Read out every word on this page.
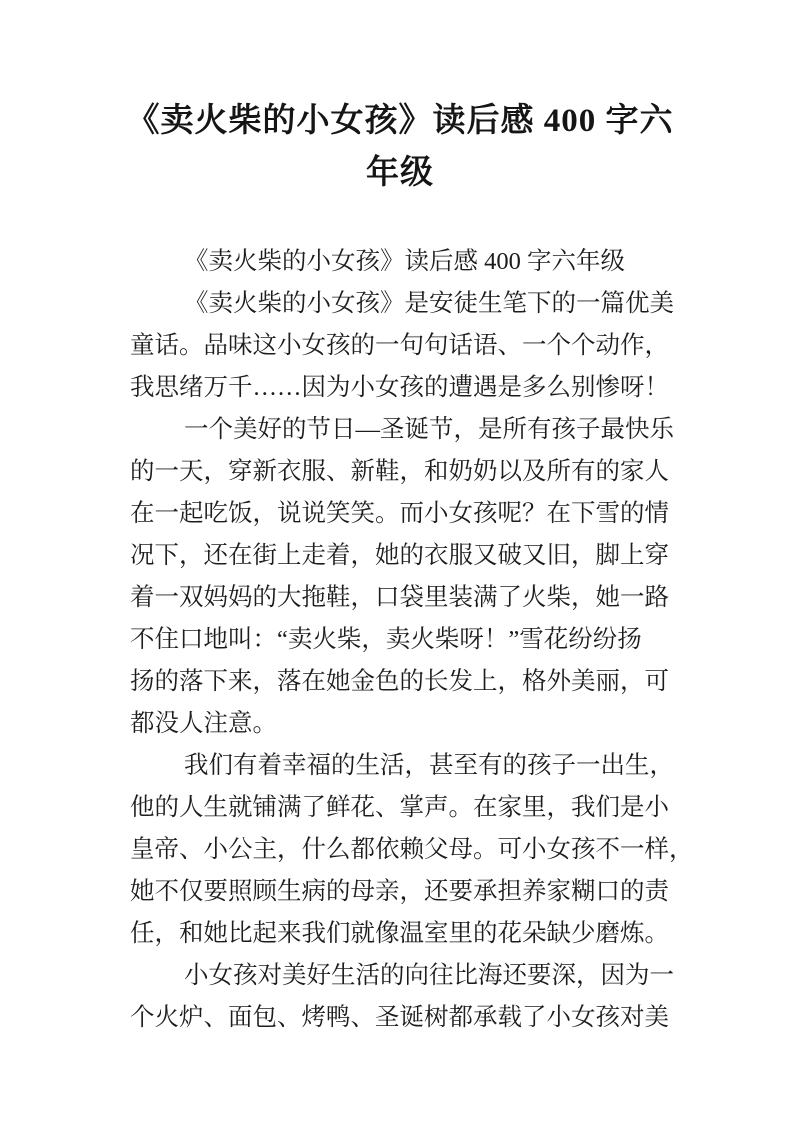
《卖火柴的小女孩》读后感 400 字六
年级
《卖火柴的小女孩》读后感 400 字六年级
《卖火柴的小女孩》是安徒生笔下的一篇优美
童话。品味这小女孩的一句句话语、一个个动作，
我思绪万千……因为小女孩的遭遇是多么别惨呀！
一个美好的节日—圣诞节，是所有孩子最快乐
的一天，穿新衣服、新鞋，和奶奶以及所有的家人
在一起吃饭，说说笑笑。而小女孩呢？在下雪的情
况下，还在街上走着，她的衣服又破又旧，脚上穿
着一双妈妈的大拖鞋，口袋里装满了火柴，她一路
不住口地叫：“卖火柴，卖火柴呀！”雪花纷纷扬
扬的落下来，落在她金色的长发上，格外美丽，可
都没人注意。
我们有着幸福的生活，甚至有的孩子一出生，
他的人生就铺满了鲜花、掌声。在家里，我们是小
皇帝、小公主，什么都依赖父母。可小女孩不一样，
她不仅要照顾生病的母亲，还要承担养家糊口的责
任，和她比起来我们就像温室里的花朵缺少磨炼。
小女孩对美好生活的向往比海还要深，因为一
个火炉、面包、烤鸭、圣诞树都承载了小女孩对美
